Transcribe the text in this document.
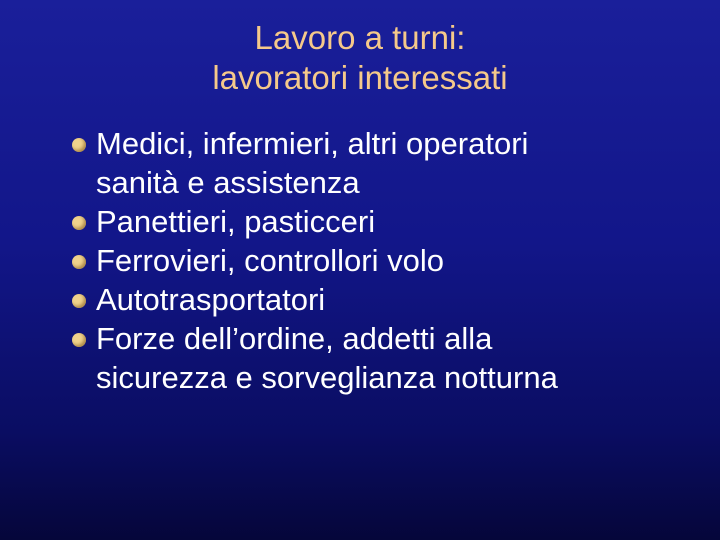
Lavoro a turni:
lavoratori interessati
Medici, infermieri, altri operatori
sanità e assistenza
Panettieri, pasticceri
Ferrovieri, controllori volo
Autotrasportatori
Forze dell’ordine, addetti alla
sicurezza e sorveglianza notturna
